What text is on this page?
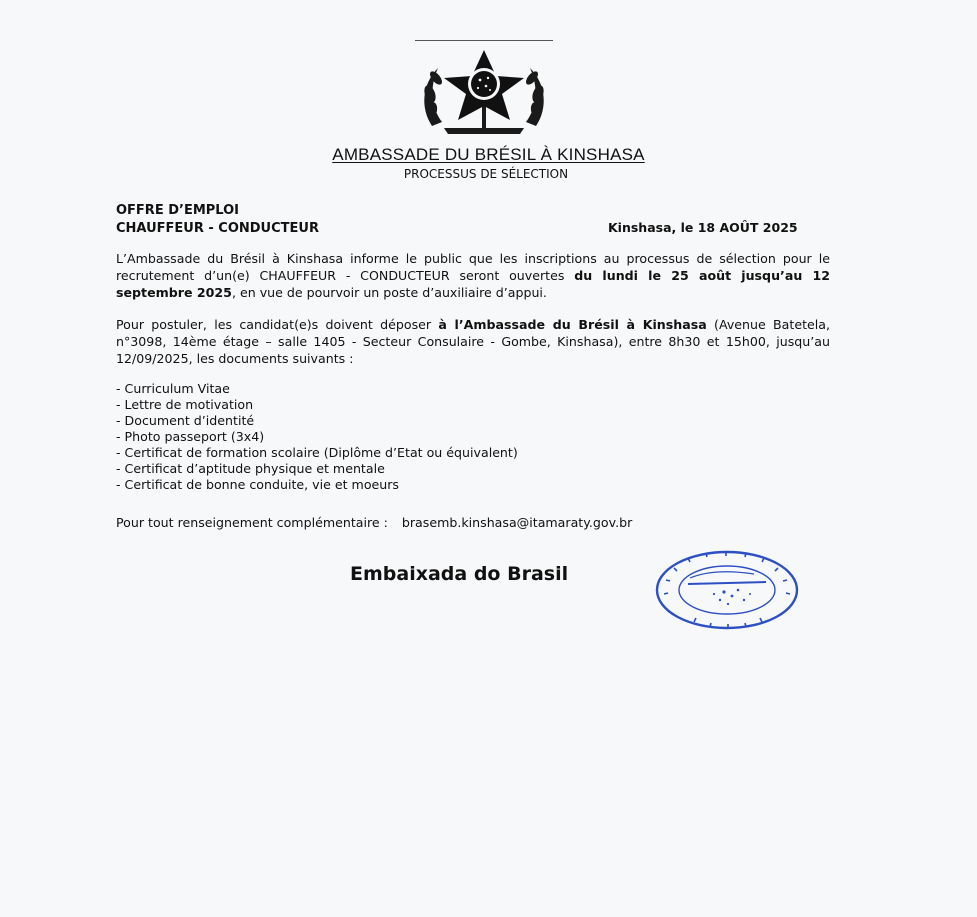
AMBASSADE DU BRÉSIL À KINSHASA
PROCESSUS DE SÉLECTION
OFFRE D’EMPLOI
CHAUFFEUR - CONDUCTEUR	Kinshasa, le 18 AOÛT 2025
L’Ambassade du Brésil à Kinshasa informe le public que les inscriptions au processus de sélection pour le recrutement d’un(e) CHAUFFEUR - CONDUCTEUR seront ouvertes du lundi le 25 août jusqu’au 12 septembre 2025, en vue de pourvoir un poste d’auxiliaire d’appui.
Pour postuler, les candidat(e)s doivent déposer à l’Ambassade du Brésil à Kinshasa (Avenue Batetela, n°3098, 14ème étage – salle 1405 - Secteur Consulaire - Gombe, Kinshasa), entre 8h30 et 15h00, jusqu’au 12/09/2025, les documents suivants :
- Curriculum Vitae
- Lettre de motivation
- Document d’identité
- Photo passeport (3x4)
- Certificat de formation scolaire (Diplôme d’Etat ou équivalent)
- Certificat d’aptitude physique et mentale
- Certificat de bonne conduite, vie et moeurs
Pour tout renseignement complémentaire : brasemb.kinshasa@itamaraty.gov.br
Embaixada do Brasil
